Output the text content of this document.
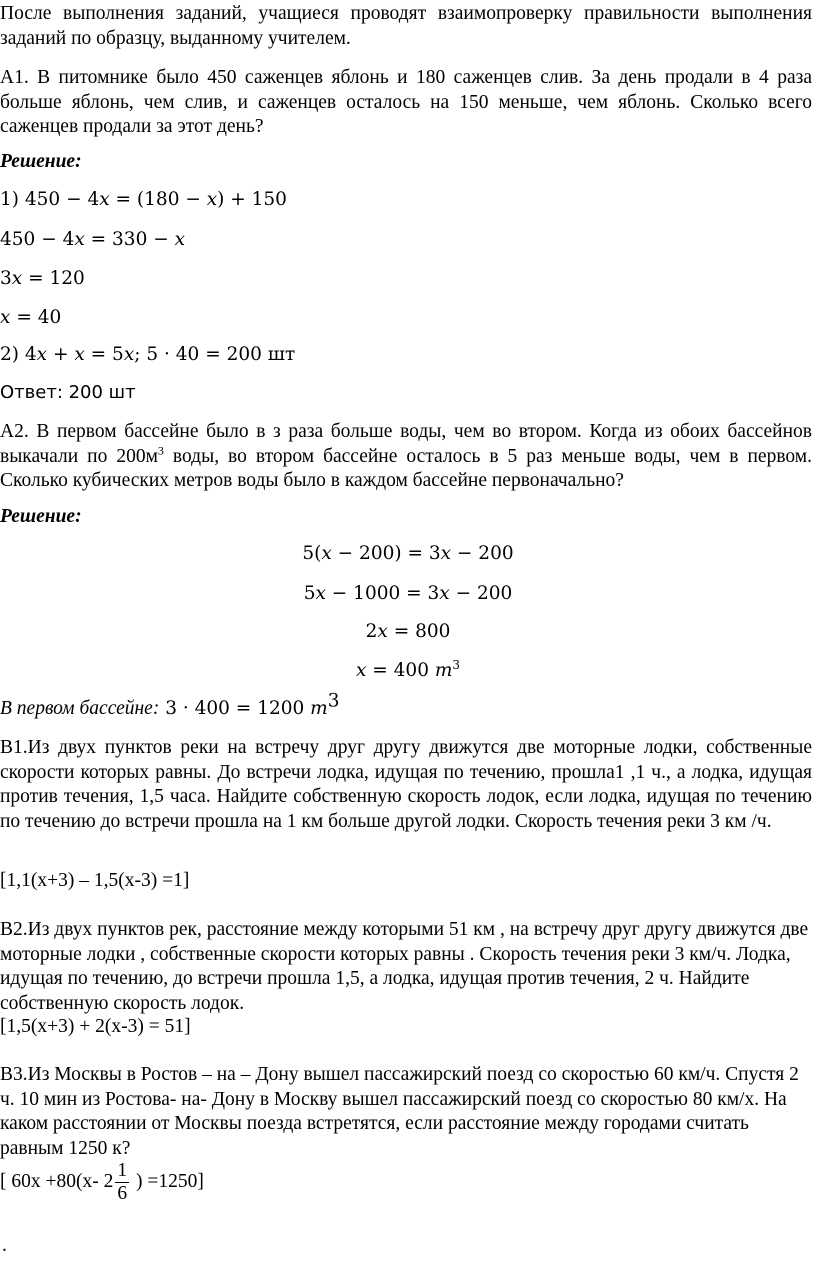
После выполнения заданий, учащиеся проводят взаимопроверку правильности выполнения заданий по образцу, выданному учителем.

А1. В питомнике было 450 саженцев яблонь и 180 саженцев слив. За день продали в 4 раза больше яблонь, чем слив, и саженцев осталось на 150 меньше, чем яблонь. Сколько всего саженцев продали за этот день?

Решение:

1) 450 − 4𝑥 = (180 − 𝑥) + 150
450 − 4𝑥 = 330 − 𝑥
3𝑥 = 120
𝑥 = 40
2) 4𝑥 + 𝑥 = 5𝑥; 5 · 40 = 200 шт
Ответ: 200 шт

А2. В первом бассейне было в з раза больше воды, чем во втором. Когда из обоих бассейнов выкачали по $200м^3$ воды, во втором бассейне осталось в 5 раз меньше воды, чем в первом. Сколько кубических метров воды было в каждом бассейне первоначально?

Решение:

5(𝑥 − 200) = 3𝑥 − 200
5𝑥 − 1000 = 3𝑥 − 200
2𝑥 = 800
𝑥 = 400 𝑚$^3$
В первом бассейне: 3 · 400 = 1200 𝑚$^3$

В1.Из двух пунктов реки на встречу друг другу движутся две моторные лодки, собственные скорости которых равны. До встречи лодка, идущая по течению, прошла1 ,1 ч., а лодка, идущая против течения, 1,5 часа. Найдите собственную скорость лодок, если лодка, идущая по течению по течению до встречи прошла на 1 км больше другой лодки. Скорость течения реки 3 км /ч.

[1,1(x+3) – 1,5(x-3) =1]

В2.Из двух пунктов рек, расстояние между которыми 51 км , на встречу друг другу движутся две моторные лодки , собственные скорости которых равны . Скорость течения реки 3 км/ч. Лодка, идущая по течению, до встречи прошла 1,5, а лодка, идущая против течения, 2 ч. Найдите собственную скорость лодок.

[1,5(x+3) + 2(x-3) = 51]

В3.Из Москвы в Ростов – на – Дону вышел пассажирский поезд со скоростью 60 км/ч. Спустя 2 ч. 10 мин из Ростова- на- Дону в Москву вышел пассажирский поезд со скоростью 80 км/х. На каком расстоянии от Москвы поезда встретятся, если расстояние между городами считать равным 1250 к?

[ 60x +80(x- $2 \frac{1}{6}$ ) =1250]

.
